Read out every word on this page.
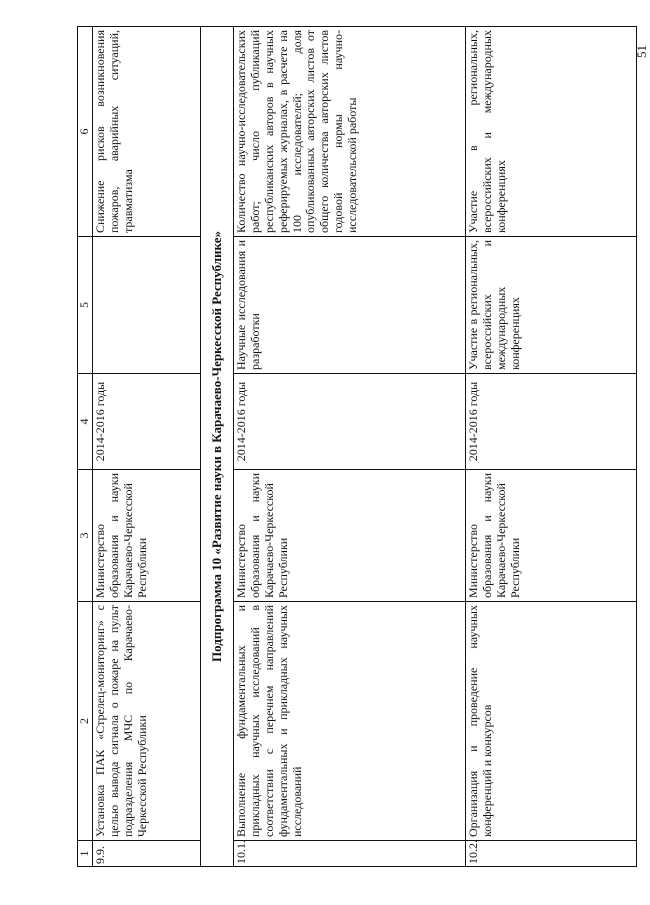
51
1	2	3	4	5	6
9.9.	Установка ПАК «Стрелец-мониторинг» с целью вывода сигнала о пожаре на пульт подразделения МЧС по Карачаево-Черкесской Республики	Министерство образования и науки Карачаево-Черкесской Республики	2014-2016 годы		Снижение рисков возникновения пожаров, аварийных ситуаций, травматизма
Подпрограмма 10 «Развитие науки в Карачаево-Черкесской Республике»					
10.1.	Выполнение фундаментальных и прикладных научных исследований в соответствии с перечнем направлений фундаментальных и прикладных научных исследований	Министерство образования и науки Карачаево-Черкесской Республики	2014-2016 годы	Научные исследования и разработки	Количество научно-исследовательских работ; число публикаций республиканских авторов в научных реферируемых журналах, в расчете на 100 исследователей; доля опубликованных авторских листов от общего количества авторских листов годовой нормы научно-исследовательской работы
10.2.	Организация и проведение научных конференций и конкурсов	Министерство образования и науки Карачаево-Черкесской Республики	2014-2016 годы	Участие в региональных, всероссийских и международных конференциях	Участие в региональных, всероссийских и международных конференциях
